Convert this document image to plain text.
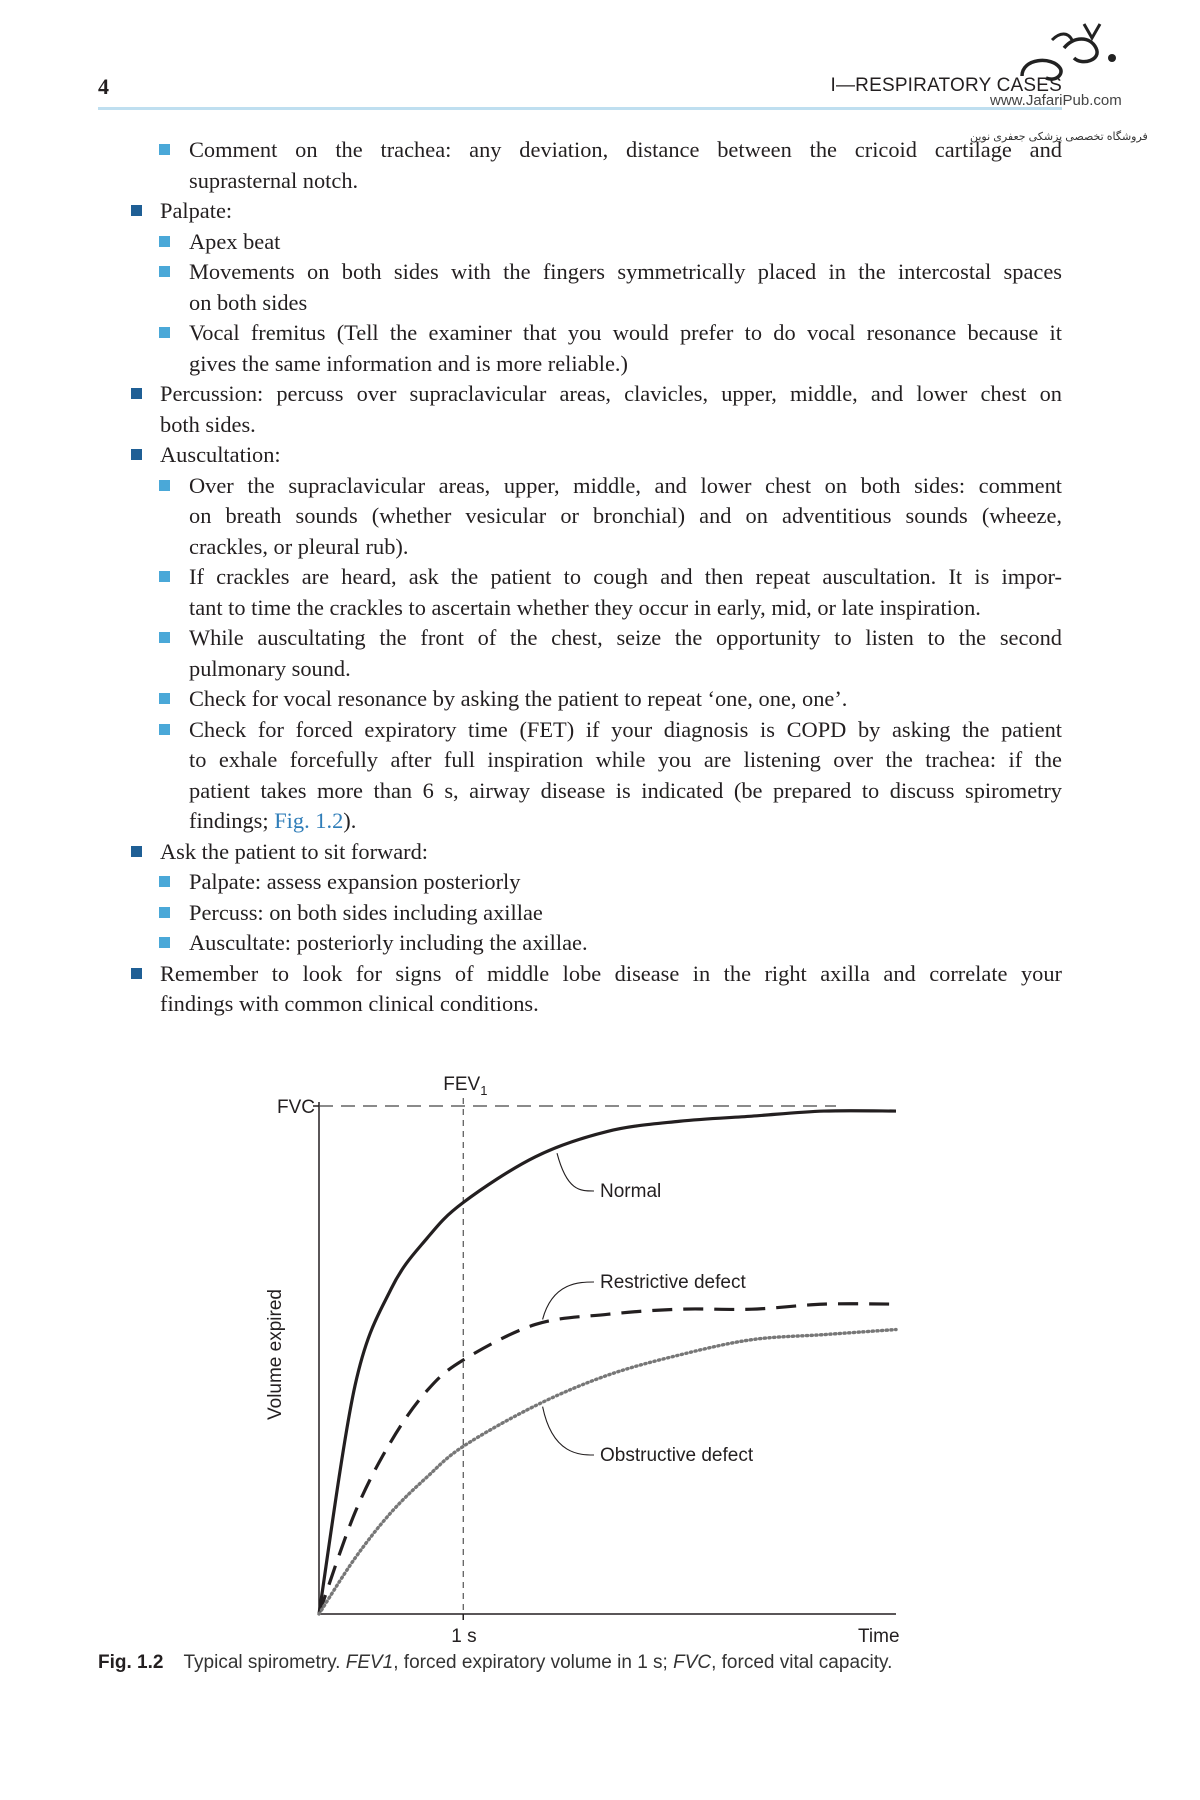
4	I—RESPIRATORY CASES
www.JafariPub.com
فروشگاه تخصصی پزشکی جعفری نوین
Comment on the trachea: any deviation, distance between the cricoid cartilage and
suprasternal notch.
Palpate:
Apex beat
Movements on both sides with the fingers symmetrically placed in the intercostal spaces
on both sides
Vocal fremitus (Tell the examiner that you would prefer to do vocal resonance because it
gives the same information and is more reliable.)
Percussion: percuss over supraclavicular areas, clavicles, upper, middle, and lower chest on
both sides.
Auscultation:
Over the supraclavicular areas, upper, middle, and lower chest on both sides: comment
on breath sounds (whether vesicular or bronchial) and on adventitious sounds (wheeze,
crackles, or pleural rub).
If crackles are heard, ask the patient to cough and then repeat auscultation. It is impor-
tant to time the crackles to ascertain whether they occur in early, mid, or late inspiration.
While auscultating the front of the chest, seize the opportunity to listen to the second
pulmonary sound.
Check for vocal resonance by asking the patient to repeat ‘one, one, one’.
Check for forced expiratory time (FET) if your diagnosis is COPD by asking the patient
to exhale forcefully after full inspiration while you are listening over the trachea: if the
patient takes more than 6 s, airway disease is indicated (be prepared to discuss spirometry
findings; Fig. 1.2).
Ask the patient to sit forward:
Palpate: assess expansion posteriorly
Percuss: on both sides including axillae
Auscultate: posteriorly including the axillae.
Remember to look for signs of middle lobe disease in the right axilla and correlate your
findings with common clinical conditions.
FVC
$FEV_1$
1 s	Time
Volume expired
Normal
Restrictive defect
Obstructive defect
Fig. 1.2 Typical spirometry. FEV1, forced expiratory volume in 1 s; FVC, forced vital capacity.
